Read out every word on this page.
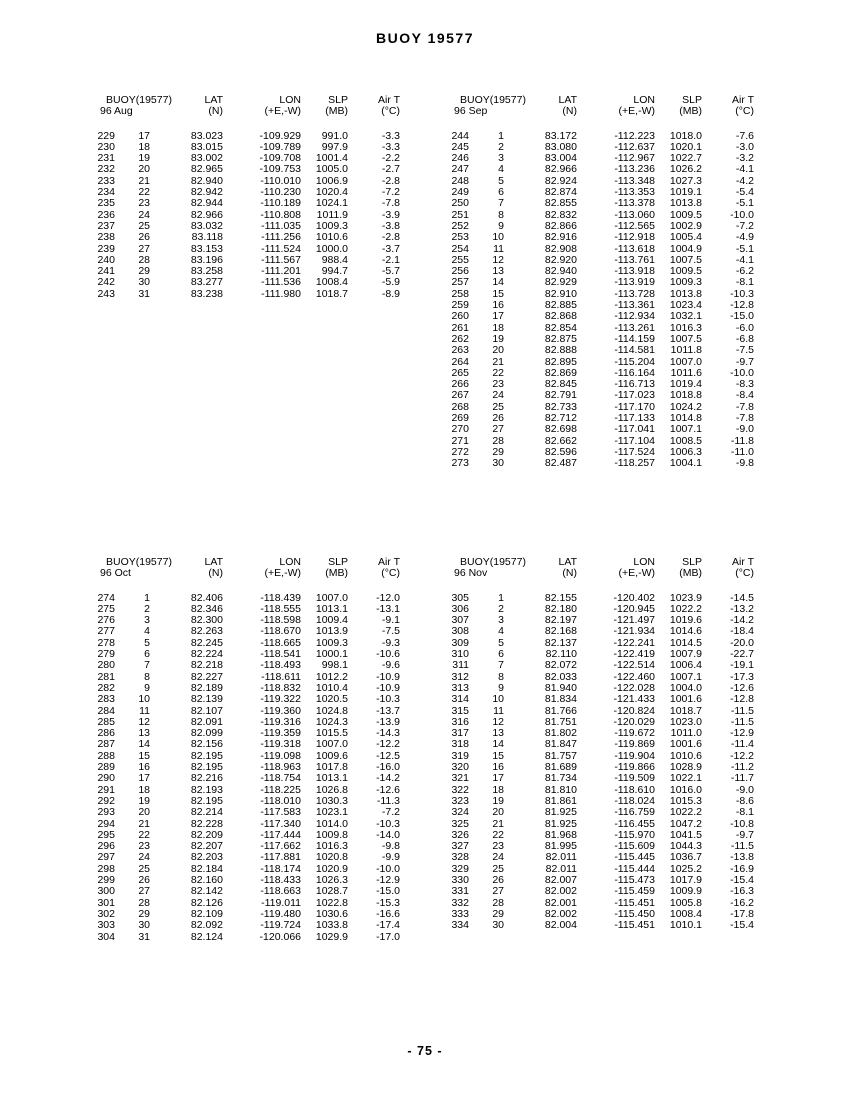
BUOY 19577
BUOY(19577)	LAT	LON	SLP	Air T
96 Aug	(N)	(+E,-W) (MB)	(°C)
229 17	83.023	-109.929 991.0	-3.3
230 18	83.015	-109.789 997.9	-3.3
231 19	83.002	-109.708 1001.4	-2.2
232 20	82.965	-109.753 1005.0	-2.7
233 21	82.940	-110.010 1006.9	-2.8
234 22	82.942	-110.230 1020.4	-7.2
235 23	82.944	-110.189 1024.1	-7.8
236 24	82.966	-110.808 1011.9	-3.9
237 25	83.032	-111.035 1009.3	-3.8
238 26	83.118	-111.256 1010.6	-2.8
239 27	83.153	-111.524 1000.0	-3.7
240 28	83.196	-111.567 988.4	-2.1
241 29	83.258	-111.201 994.7	-5.7
242 30	83.277	-111.536 1008.4	-5.9
243 31	83.238	-111.980 1018.7	-8.9
BUOY(19577)	LAT	LON	SLP	Air T
96 Sep	(N)	(+E,-W) (MB)	(°C)
244	1	83.172	-112.223 1018.0	-7.6
245	2	83.080	-112.637 1020.1	-3.0
246	3	83.004	-112.967 1022.7	-3.2
247	4	82.966	-113.236 1026.2	-4.1
248	5	82.924	-113.348 1027.3	-4.2
249	6	82.874	-113.353 1019.1	-5.4
250	7	82.855	-113.378 1013.8	-5.1
251	8	82.832	-113.060 1009.5	-10.0
252	9	82.866	-112.565 1002.9	-7.2
253 10	82.916	-112.918 1005.4	-4.9
254 11	82.908	-113.618 1004.9	-5.1
255 12	82.920	-113.761 1007.5	-4.1
256 13	82.940	-113.918 1009.5	-6.2
257 14	82.929	-113.919 1009.3	-8.1
258 15	82.910	-113.728 1013.8	-10.3
259 16	82.885	-113.361 1023.4	-12.8
260 17	82.868	-112.934 1032.1	-15.0
261 18	82.854	-113.261 1016.3	-6.0
262 19	82.875	-114.159 1007.5	-6.8
263 20	82.888	-114.581 1011.8	-7.5
264 21	82.895	-115.204 1007.0	-9.7
265 22	82.869	-116.164 1011.6	-10.0
266 23	82.845	-116.713 1019.4	-8.3
267 24	82.791	-117.023 1018.8	-8.4
268 25	82.733	-117.170 1024.2	-7.8
269 26	82.712	-117.133 1014.8	-7.8
270 27	82.698	-117.041 1007.1	-9.0
271 28	82.662	-117.104 1008.5	-11.8
272 29	82.596	-117.524 1006.3	-11.0
273 30	82.487	-118.257 1004.1	-9.8
BUOY(19577)	LAT	LON	SLP	Air T
96 Oct	(N)	(+E,-W) (MB)	(°C)
274	1	82.406	-118.439 1007.0	-12.0
275	2	82.346	-118.555 1013.1	-13.1
276	3	82.300	-118.598 1009.4	-9.1
277	4	82.263	-118.670 1013.9	-7.5
278	5	82.245	-118.665 1009.3	-9.3
279	6	82.224	-118.541 1000.1	-10.6
280	7	82.218	-118.493 998.1	-9.6
281	8	82.227	-118.611 1012.2	-10.9
282	9	82.189	-118.832 1010.4	-10.9
283 10	82.139	-119.322 1020.5	-10.3
284 11	82.107	-119.360 1024.8	-13.7
285 12	82.091	-119.316 1024.3	-13.9
286 13	82.099	-119.359 1015.5	-14.3
287 14	82.156	-119.318 1007.0	-12.2
288 15	82.195	-119.098 1009.6	-12.5
289 16	82.195	-118.963 1017.8	-16.0
290 17	82.216	-118.754 1013.1	-14.2
291 18	82.193	-118.225 1026.8	-12.6
292 19	82.195	-118.010 1030.3	-11.3
293 20	82.214	-117.583 1023.1	-7.2
294 21	82.228	-117.340 1014.0	-10.3
295 22	82.209	-117.444 1009.8	-14.0
296 23	82.207	-117.662 1016.3	-9.8
297 24	82.203	-117.881 1020.8	-9.9
298 25	82.184	-118.174 1020.9	-10.0
299 26	82.160	-118.433 1026.3	-12.9
300 27	82.142	-118.663 1028.7	-15.0
301 28	82.126	-119.011 1022.8	-15.3
302 29	82.109	-119.480 1030.6	-16.6
303 30	82.092	-119.724 1033.8	-17.4
304 31	82.124	-120.066 1029.9	-17.0
BUOY(19577)	LAT	LON	SLP	Air T
96 Nov	(N)	(+E,-W) (MB)	(°C)
305	1	82.155	-120.402 1023.9	-14.5
306	2	82.180	-120.945 1022.2	-13.2
307	3	82.197	-121.497 1019.6	-14.2
308	4	82.168	-121.934 1014.6	-18.4
309	5	82.137	-122.241 1014.5	-20.0
310	6	82.110	-122.419 1007.9	-22.7
311	7	82.072	-122.514 1006.4	-19.1
312	8	82.033	-122.460 1007.1	-17.3
313	9	81.940	-122.028 1004.0	-12.6
314 10	81.834	-121.433 1001.6	-12.8
315 11	81.766	-120.824 1018.7	-11.5
316 12	81.751	-120.029 1023.0	-11.5
317 13	81.802	-119.672 1011.0	-12.9
318 14	81.847	-119.869 1001.6	-11.4
319 15	81.757	-119.904 1010.6	-12.2
320 16	81.689	-119.866 1028.9	-11.2
321 17	81.734	-119.509 1022.1	-11.7
322 18	81.810	-118.610 1016.0	-9.0
323 19	81.861	-118.024 1015.3	-8.6
324 20	81.925	-116.759 1022.2	-8.1
325 21	81.925	-116.455 1047.2	-10.8
326 22	81.968	-115.970 1041.5	-9.7
327 23	81.995	-115.609 1044.3	-11.5
328 24	82.011	-115.445 1036.7	-13.8
329 25	82.011	-115.444 1025.2	-16.9
330 26	82.007	-115.473 1017.9	-15.4
331 27	82.002	-115.459 1009.9	-16.3
332 28	82.001	-115.451 1005.8	-16.2
333 29	82.002	-115.450 1008.4	-17.8
334 30	82.004	-115.451 1010.1	-15.4
- 75 -
